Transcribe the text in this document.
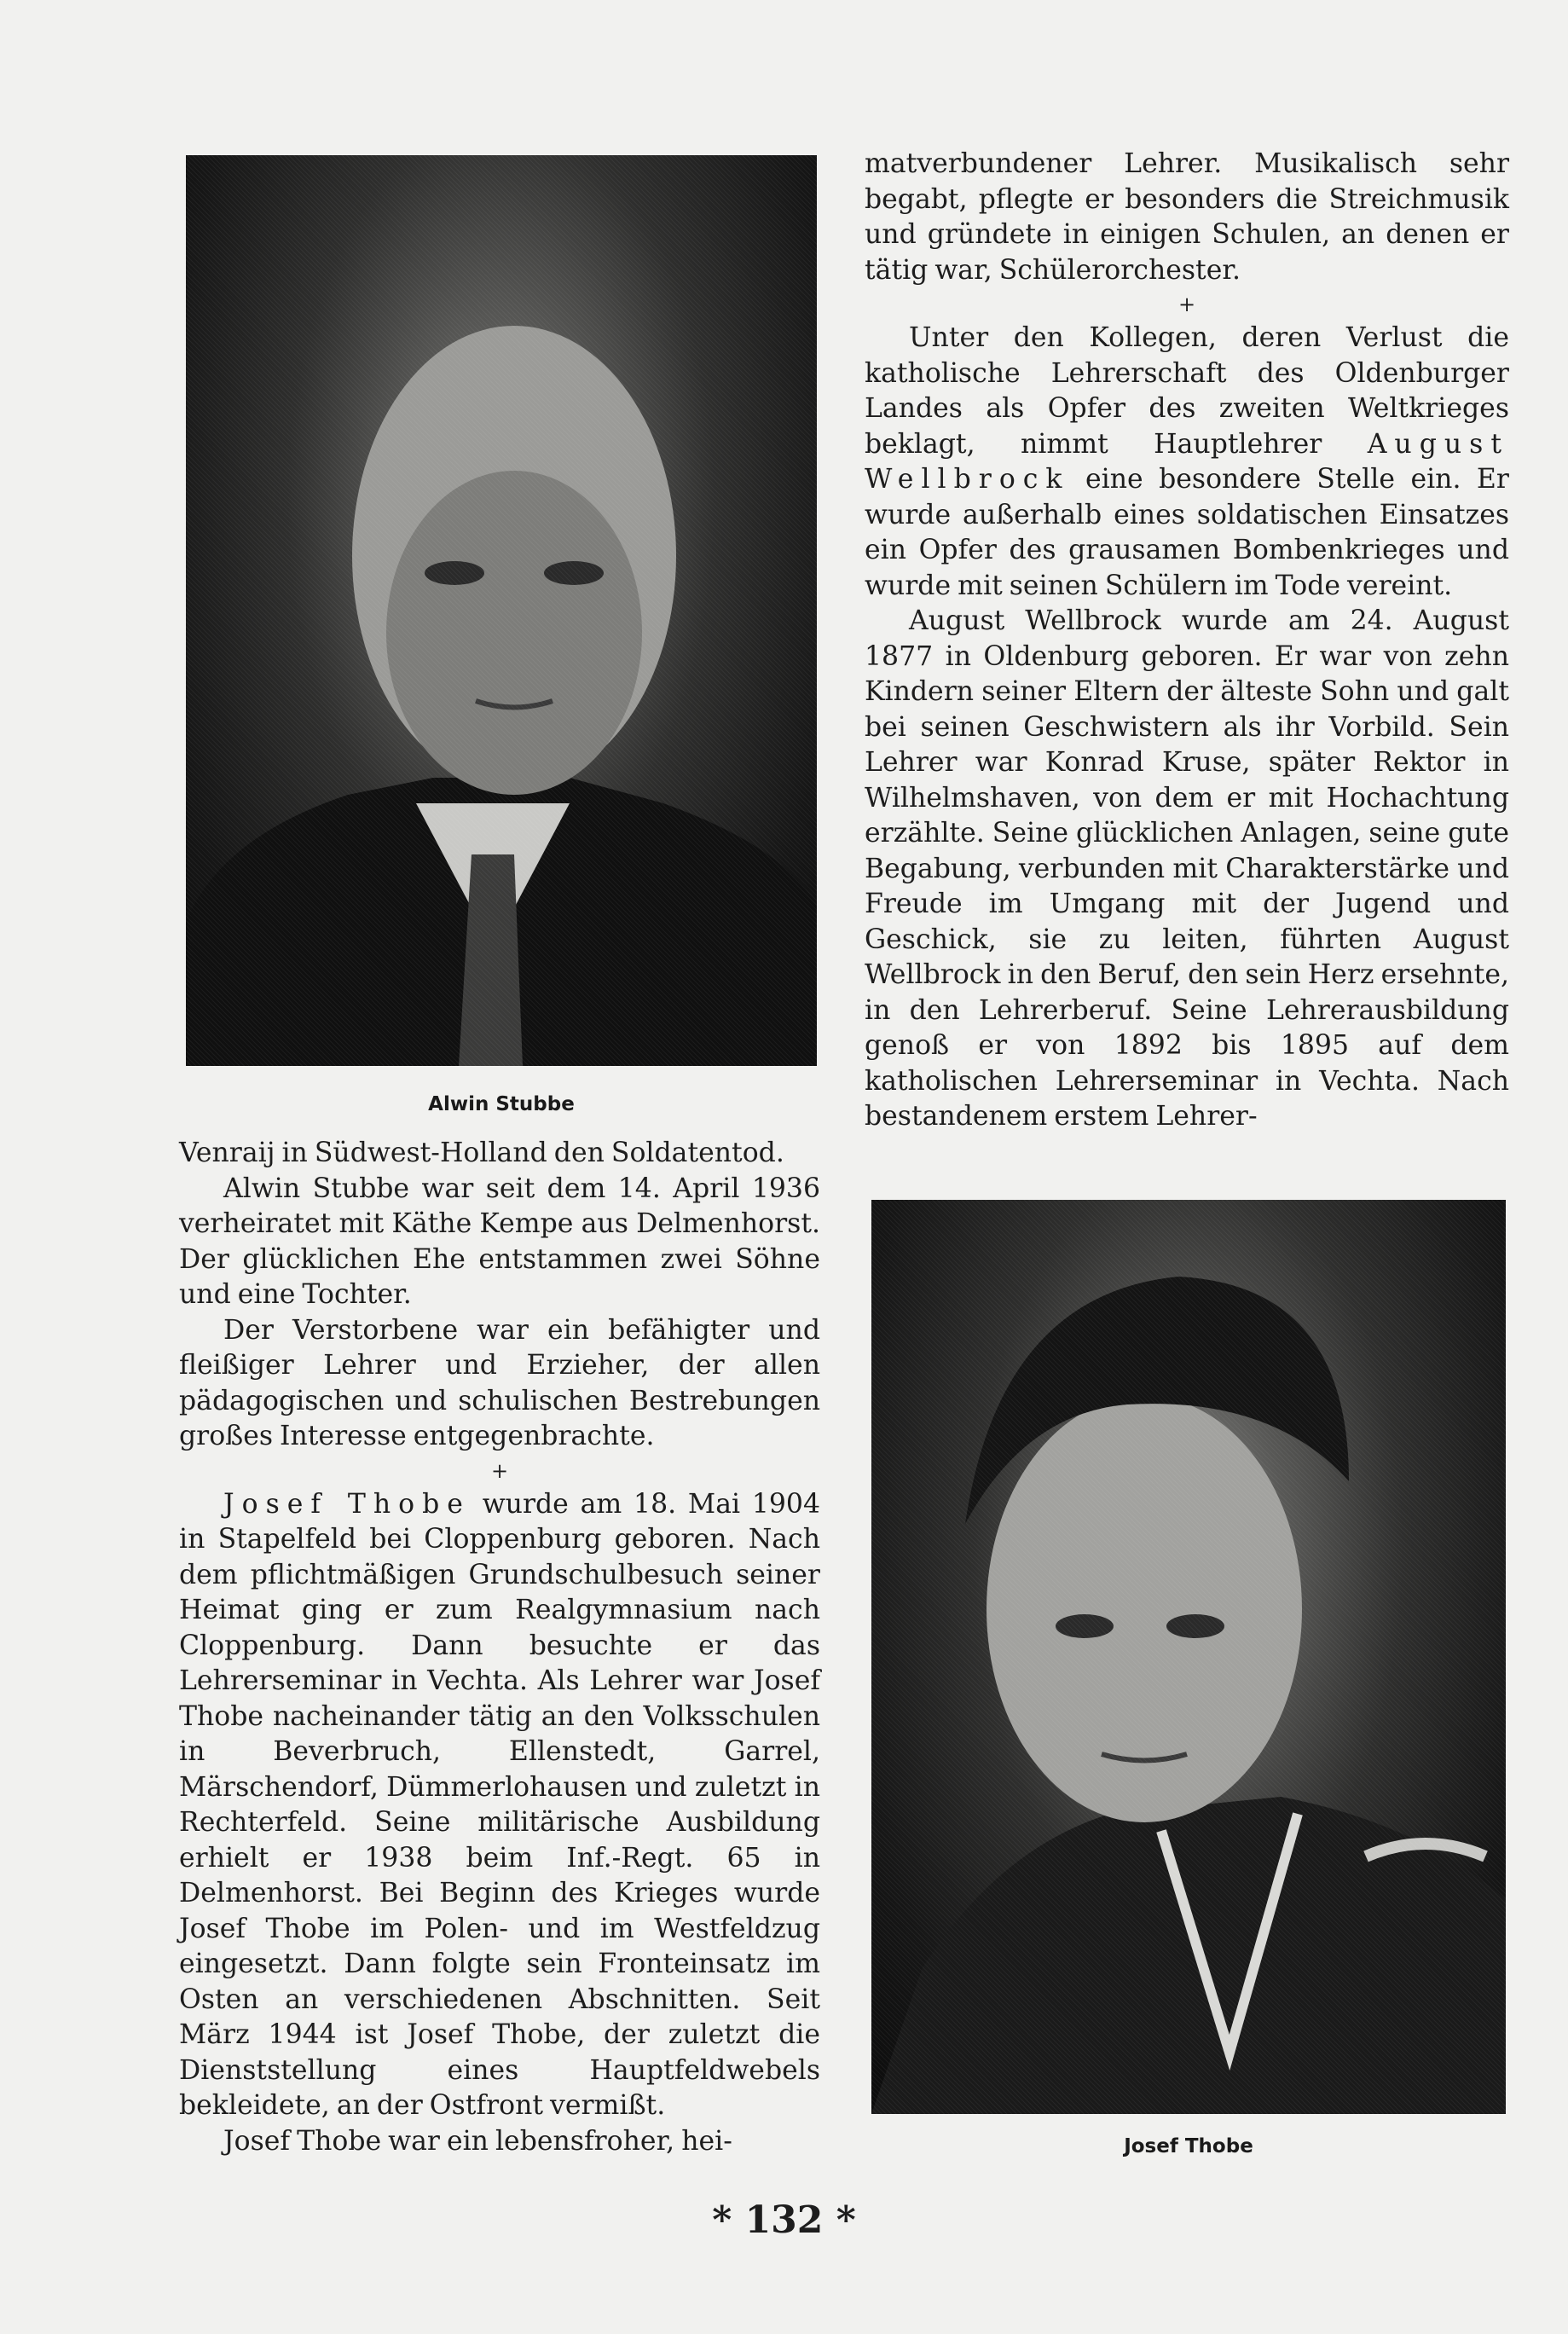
Alwin Stubbe
Josef Thobe

Venraij in Südwest-Holland den Soldatentod.

Alwin Stubbe war seit dem 14. April 1936 verheiratet mit Käthe Kempe aus Delmenhorst. Der glücklichen Ehe entstammen zwei Söhne und eine Tochter.

Der Verstorbene war ein befähigter und fleißiger Lehrer und Erzieher, der allen pädagogischen und schulischen Bestrebungen großes Interesse entgegenbrachte.

+

Josef Thobe wurde am 18. Mai 1904 in Stapelfeld bei Cloppenburg geboren. Nach dem pflichtmäßigen Grundschulbesuch seiner Heimat ging er zum Realgymnasium nach Cloppenburg. Dann besuchte er das Lehrerseminar in Vechta. Als Lehrer war Josef Thobe nacheinander tätig an den Volksschulen in Beverbruch, Ellenstedt, Garrel, Märschendorf, Dümmerlohausen und zuletzt in Rechterfeld. Seine militärische Ausbildung erhielt er 1938 beim Inf.-Regt. 65 in Delmenhorst. Bei Beginn des Krieges wurde Josef Thobe im Polen- und im Westfeldzug eingesetzt. Dann folgte sein Fronteinsatz im Osten an verschiedenen Abschnitten. Seit März 1944 ist Josef Thobe, der zuletzt die Dienststellung eines Hauptfeldwebels bekleidete, an der Ostfront vermißt.

Josef Thobe war ein lebensfroher, hei-

matverbundener Lehrer. Musikalisch sehr begabt, pflegte er besonders die Streichmusik und gründete in einigen Schulen, an denen er tätig war, Schülerorchester.

+

Unter den Kollegen, deren Verlust die katholische Lehrerschaft des Oldenburger Landes als Opfer des zweiten Weltkrieges beklagt, nimmt Hauptlehrer August Wellbrock eine besondere Stelle ein. Er wurde außerhalb eines soldatischen Einsatzes ein Opfer des grausamen Bombenkrieges und wurde mit seinen Schülern im Tode vereint.

August Wellbrock wurde am 24. August 1877 in Oldenburg geboren. Er war von zehn Kindern seiner Eltern der älteste Sohn und galt bei seinen Geschwistern als ihr Vorbild. Sein Lehrer war Konrad Kruse, später Rektor in Wilhelmshaven, von dem er mit Hochachtung erzählte. Seine glücklichen Anlagen, seine gute Begabung, verbunden mit Charakterstärke und Freude im Umgang mit der Jugend und Geschick, sie zu leiten, führten August Wellbrock in den Beruf, den sein Herz ersehnte, in den Lehrerberuf. Seine Lehrerausbildung genoß er von 1892 bis 1895 auf dem katholischen Lehrerseminar in Vechta. Nach bestandenem erstem Lehrer-

* 132 *
